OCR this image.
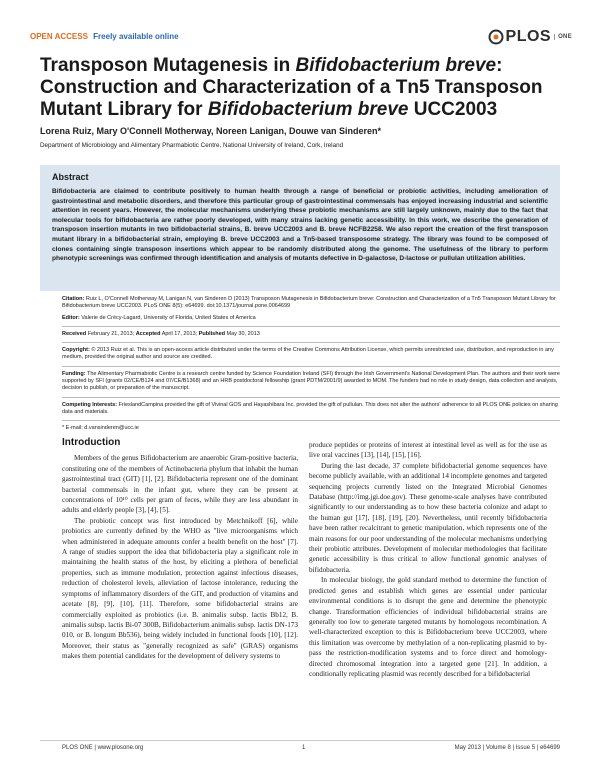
OPEN ACCESS Freely available online	PLOS	ONE
Transposon Mutagenesis in Bifidobacterium breve: Construction and Characterization of a Tn5 Transposon Mutant Library for Bifidobacterium breve UCC2003
Lorena Ruiz, Mary O'Connell Motherway, Noreen Lanigan, Douwe van Sinderen*
Department of Microbiology and Alimentary Pharmabiotic Centre, National University of Ireland, Cork, Ireland
Abstract
Bifidobacteria are claimed to contribute positively to human health through a range of beneficial or probiotic activities, including amelioration of gastrointestinal and metabolic disorders, and therefore this particular group of gastrointestinal commensals has enjoyed increasing industrial and scientific attention in recent years. However, the molecular mechanisms underlying these probiotic mechanisms are still largely unknown, mainly due to the fact that molecular tools for bifidobacteria are rather poorly developed, with many strains lacking genetic accessibility. In this work, we describe the generation of transposon insertion mutants in two bifidobacterial strains, B. breve UCC2003 and B. breve NCFB2258. We also report the creation of the first transposon mutant library in a bifidobacterial strain, employing B. breve UCC2003 and a Tn5-based transposome strategy. The library was found to be composed of clones containing single transposon insertions which appear to be randomly distributed along the genome. The usefulness of the library to perform phenotypic screenings was confirmed through identification and analysis of mutants defective in D-galactose, D-lactose or pullulan utilization abilities.

Citation: Ruiz L, O'Connell Motherway M, Lanigan N, van Sinderen D (2013) Transposon Mutagenesis in Bifidobacterium breve: Construction and Characterization of a Tn5 Transposon Mutant Library for Bifidobacterium breve UCC2003. PLoS ONE 8(5): e64699. doi:10.1371/journal.pone.0064699

Editor: Valerie de Crécy-Lagard, University of Florida, United States of America

Received February 21, 2013; Accepted April 17, 2013; Published May 30, 2013

Copyright: © 2013 Ruiz et al. This is an open-access article distributed under the terms of the Creative Commons Attribution License, which permits unrestricted use, distribution, and reproduction in any medium, provided the original author and source are credited.

Funding: The Alimentary Pharmabiotic Centre is a research centre funded by Science Foundation Ireland (SFI) through the Irish Government's National Development Plan. The authors and their work were supported by SFI (grants 02/CE/B124 and 07/CE/B1368) and an HRB postdoctoral fellowship (grant PDTM/2001/9) awarded to MOM. The funders had no role in study design, data collection and analysis, decision to publish, or preparation of the manuscript.

Competing Interests: FrieslandCampina provided the gift of Vivinal GOS and Hayashibara Inc. provided the gift of pullulan. This does not alter the authors' adherence to all PLOS ONE policies on sharing data and materials.

* E-mail: d.vansinderen@ucc.ie

Introduction

Members of the genus Bifidobacterium are anaerobic Gram-positive bacteria, constituting one of the members of Actinobacteria phylum that inhabit the human gastrointestinal tract (GIT) [1], [2]. Bifidobacteria represent one of the dominant bacterial commensals in the infant gut, where they can be present at concentrations of 10¹⁰ cells per gram of feces, while they are less abundant in adults and elderly people [3], [4], [5].

The probiotic concept was first introduced by Metchnikoff [6], while probiotics are currently defined by the WHO as "live microorganisms which when administered in adequate amounts confer a health benefit on the host" [7]. A range of studies support the idea that bifidobacteria play a significant role in maintaining the health status of the host, by eliciting a plethora of beneficial properties, such as immune modulation, protection against infectious diseases, reduction of cholesterol levels, alleviation of lactose intolerance, reducing the symptoms of inflammatory disorders of the GIT, and production of vitamins and acetate [8], [9], [10], [11]. Therefore, some bifidobacterial strains are commercially exploited as probiotics (i.e. B. animalis subsp. lactis Bb12, B. animalis subsp. lactis Bi-07 300B, Bifidobacterium animalis subsp. lactis DN-173 010, or B. longum Bb536), being widely included in functional foods [10], [12]. Moreover, their status as "generally recognized as safe" (GRAS) organisms makes them potential candidates for the development of delivery systems to

produce peptides or proteins of interest at intestinal level as well as for the use as live oral vaccines [13], [14], [15], [16].

During the last decade, 37 complete bifidobacterial genome sequences have become publicly available, with an additional 14 incomplete genomes and targeted sequencing projects currently listed on the Integrated Microbial Genomes Database (http://img.jgi.doe.gov). These genome-scale analyses have contributed significantly to our understanding as to how these bacteria colonize and adapt to the human gut [17], [18], [19], [20]. Nevertheless, until recently bifidobacteria have been rather recalcitrant to genetic manipulation, which represents one of the main reasons for our poor understanding of the molecular mechanisms underlying their probiotic attributes. Development of molecular methodologies that facilitate genetic accessibility is thus critical to allow functional genomic analyses of bifidobacteria.

In molecular biology, the gold standard method to determine the function of predicted genes and establish which genes are essential under particular environmental conditions is to disrupt the gene and determine the phenotypic change. Transformation efficiencies of individual bifidobacterial strains are generally too low to generate targeted mutants by homologous recombination. A well-characterized exception to this is Bifidobacterium breve UCC2003, where this limitation was overcome by methylation of a non-replicating plasmid to by-pass the restriction-modification systems and to force direct and homology-directed chromosomal integration into a targeted gene [21]. In addition, a conditionally replicating plasmid was recently described for a bifidobacterial

PLOS ONE | www.plosone.org	1	May 2013 | Volume 8 | Issue 5 | e64699
